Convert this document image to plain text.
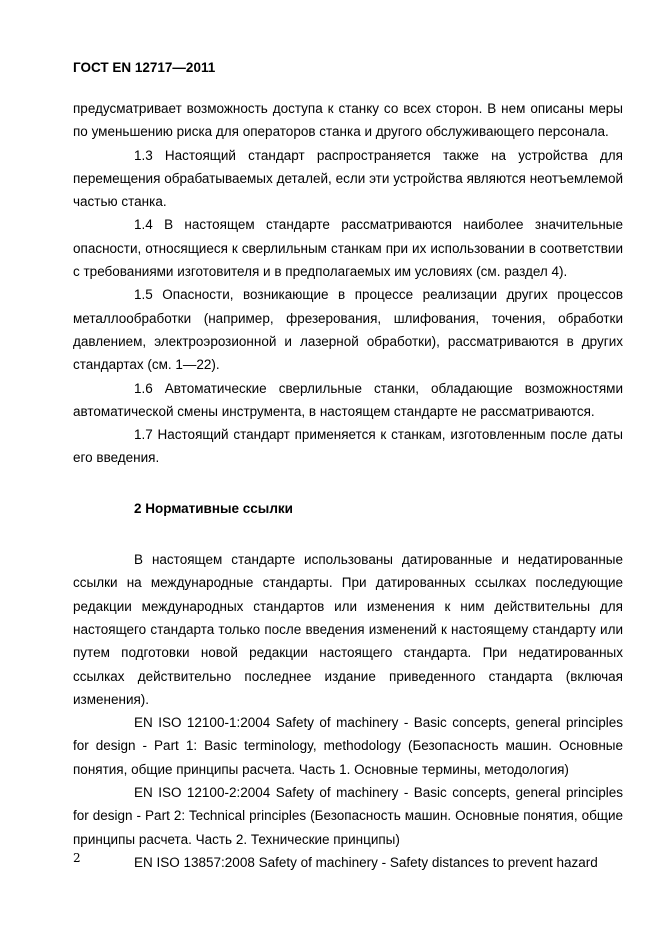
ГОСТ EN 12717—2011

предусматривает возможность доступа к станку со всех сторон. В нем описаны меры по уменьшению риска для операторов станка и другого обслуживающего персонала.

1.3 Настоящий стандарт распространяется также на устройства для перемещения обрабатываемых деталей, если эти устройства являются неотъемлемой частью станка.

1.4 В настоящем стандарте рассматриваются наиболее значительные опасности, относящиеся к сверлильным станкам при их использовании в соответствии с требованиями изготовителя и в предполагаемых им условиях (см. раздел 4).

1.5 Опасности, возникающие в процессе реализации других процессов металлообработки (например, фрезерования, шлифования, точения, обработки давлением, электроэрозионной и лазерной обработки), рассматриваются в других стандартах (см. 1—22).

1.6 Автоматические сверлильные станки, обладающие возможностями автоматической смены инструмента, в настоящем стандарте не рассматриваются.

1.7 Настоящий стандарт применяется к станкам, изготовленным после даты его введения.

2 Нормативные ссылки

В настоящем стандарте использованы датированные и недатированные ссылки на международные стандарты. При датированных ссылках последующие редакции международных стандартов или изменения к ним действительны для настоящего стандарта только после введения изменений к настоящему стандарту или путем подготовки новой редакции настоящего стандарта. При недатированных ссылках действительно последнее издание приведенного стандарта (включая изменения).

EN ISO 12100-1:2004 Safety of machinery - Basic concepts, general principles for design - Part 1: Basic terminology, methodology (Безопасность машин. Основные понятия, общие принципы расчета. Часть 1. Основные термины, методология)

EN ISO 12100-2:2004 Safety of machinery - Basic concepts, general principles for design - Part 2: Technical principles (Безопасность машин. Основные понятия, общие принципы расчета. Часть 2. Технические принципы)

EN ISO 13857:2008 Safety of machinery - Safety distances to prevent hazard

2
